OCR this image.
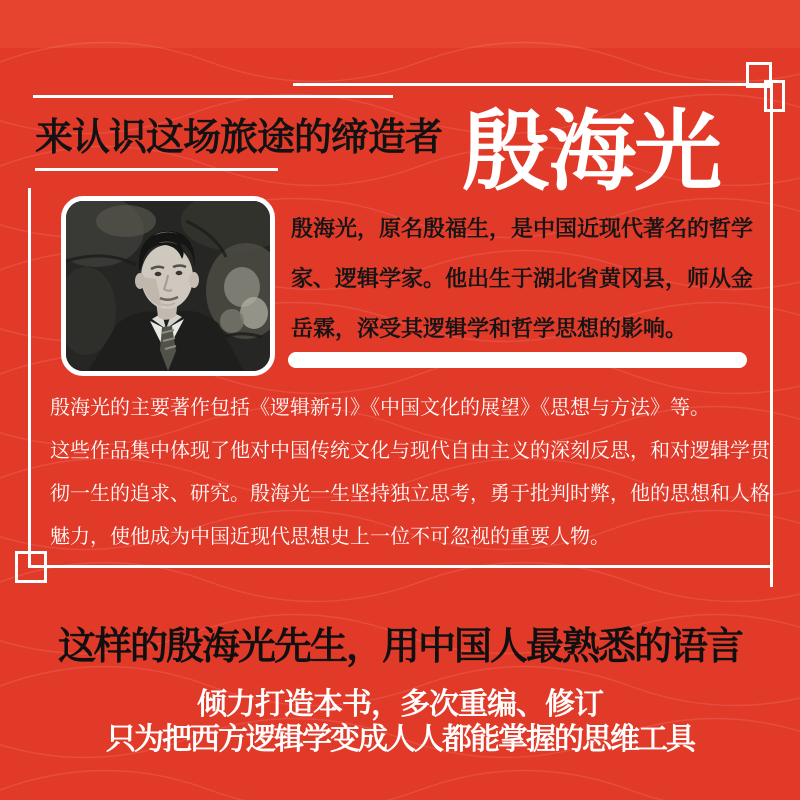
来认识这场旅途的缔造者 殷海光
殷海光，原名殷福生，是中国近现代著名的哲学
家、逻辑学家。他出生于湖北省黄冈县，师从金
岳霖，深受其逻辑学和哲学思想的影响。
殷海光的主要著作包括《逻辑新引》《中国文化的展望》《思想与方法》等。
这些作品集中体现了他对中国传统文化与现代自由主义的深刻反思，和对逻辑学贯
彻一生的追求、研究。殷海光一生坚持独立思考，勇于批判时弊，他的思想和人格
魅力，使他成为中国近现代思想史上一位不可忽视的重要人物。
这样的殷海光先生，用中国人最熟悉的语言
倾力打造本书，多次重编、修订
只为把西方逻辑学变成人人都能掌握的思维工具
